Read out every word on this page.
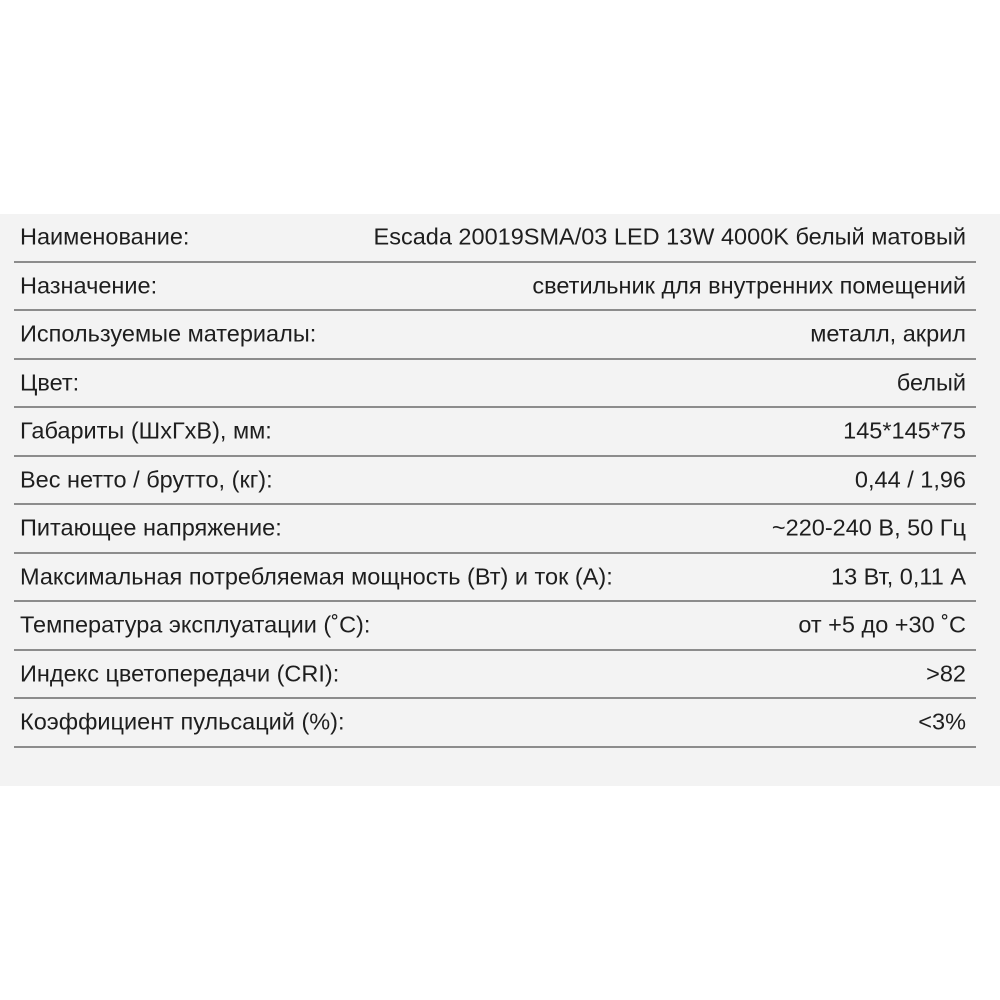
Наименование:	Escada 20019SMA/03 LED 13W 4000K белый матовый
Назначение:	светильник для внутренних помещений
Используемые материалы:	металл, акрил
Цвет:	белый
Габариты (ШхГхВ), мм:	145*145*75
Вес нетто / брутто, (кг):	0,44 / 1,96
Питающее напряжение:	~220-240 В, 50 Гц
Максимальная потребляемая мощность (Вт) и ток (А):	13 Вт, 0,11 А
Температура эксплуатации (˚C):	от +5 до +30 ˚С
Индекс цветопередачи (CRI):	>82
Коэффициент пульсаций (%):	<3%
